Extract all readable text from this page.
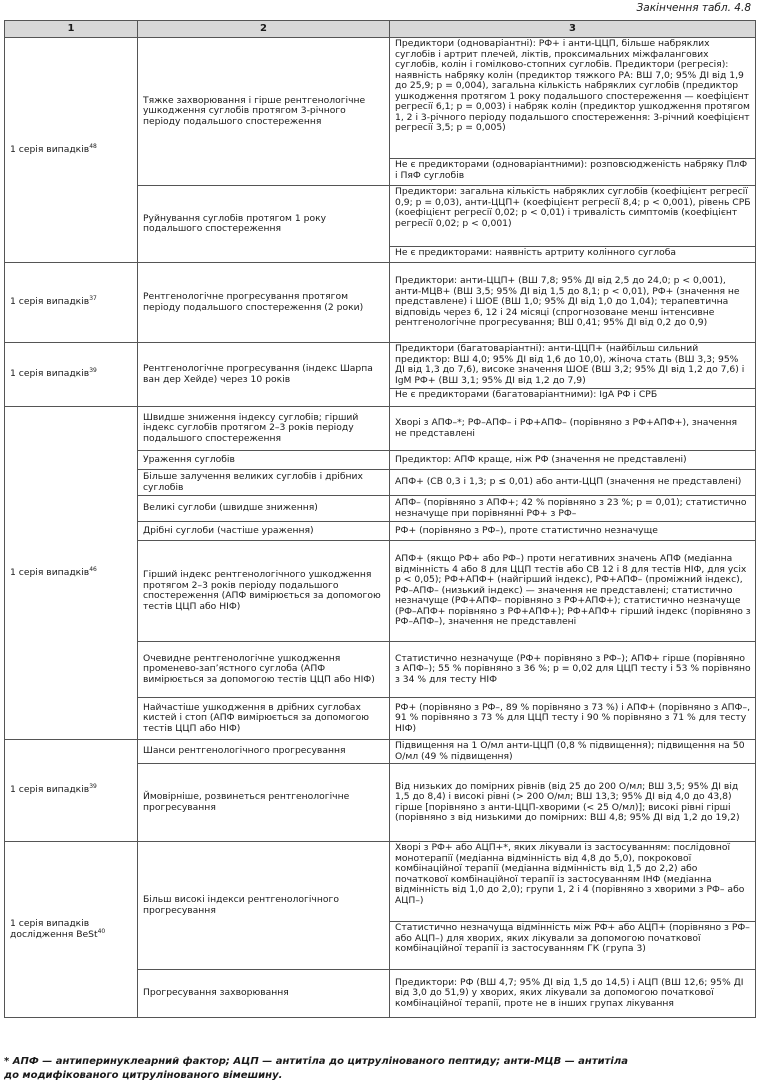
Закінчення табл. 4.8
1	2	3
1 серія випадків$^{48}$	Тяжке захворювання і гірше рентгенологічне ушкодження суглобів протягом 3-річного періоду подальшого спостереження	Предиктори (одноваріантні): РФ+ і анти-ЦЦП, більше набряклих суглобів і артрит плечей, ліктів, проксимальних міжфалангових суглобів, колін і гомілково-стопних суглобів. Предиктори (регресія): наявність набряку колін (предиктор тяжкого РА: ВШ 7,0; 95% ДІ від 1,9 до 25,9; p = 0,004), загальна кількість набряклих суглобів (предиктор ушкодження протягом 1 року подальшого спостереження — коефіцієнт регресії 6,1; p = 0,003) і набряк колін (предиктор ушкодження протягом 1, 2 і 3-річного періоду подальшого спостереження: 3-річний коефіцієнт регресії 3,5; p = 0,005)
		Не є предикторами (одноваріантними): розповсюдженість набряку ПлФ і ПяФ суглобів
	Руйнування суглобів протягом 1 року подальшого спостереження	Предиктори: загальна кількість набряклих суглобів (коефіцієнт регресії 0,9; p = 0,03), анти-ЦЦП+ (коефіцієнт регресії 8,4; p < 0,001), рівень СРБ (коефіцієнт регресії 0,02; p < 0,01) і тривалість симптомів (коефіцієнт регресії 0,02; p < 0,001)
		Не є предикторами: наявність артриту колінного суглоба
1 серія випадків$^{37}$	Рентгенологічне прогресування протягом періоду подальшого спостереження (2 роки)	Предиктори: анти-ЦЦП+ (ВШ 7,8; 95% ДІ від 2,5 до 24,0; p < 0,001), анти-МЦВ+ (ВШ 3,5; 95% ДІ від 1,5 до 8,1; p < 0,01), РФ+ (значення не представлене) і ШОЕ (ВШ 1,0; 95% ДІ від 1,0 до 1,04); терапевтична відповідь через 6, 12 і 24 місяці (спрогнозоване менш інтенсивне рентгенологічне прогресування; ВШ 0,41; 95% ДІ від 0,2 до 0,9)
1 серія випадків$^{39}$	Рентгенологічне прогресування (індекс Шарпа ван дер Хейде) через 10 років	Предиктори (багатоваріантні): анти-ЦЦП+ (найбільш сильний предиктор: ВШ 4,0; 95% ДІ від 1,6 до 10,0), жіноча стать (ВШ 3,3; 95% ДІ від 1,3 до 7,6), високе значення ШОЕ (ВШ 3,2; 95% ДІ від 1,2 до 7,6) і IgM РФ+ (ВШ 3,1; 95% ДІ від 1,2 до 7,9)
		Не є предикторами (багатоваріантними): IgA РФ і СРБ
1 серія випадків$^{46}$	Швидше зниження індексу суглобів; гірший індекс суглобів протягом 2–3 років періоду подальшого спостереження	Хворі з АПФ–*; РФ–АПФ– і РФ+АПФ– (порівняно з РФ+АПФ+), значення не представлені
	Ураження суглобів	Предиктор: АПФ краще, ніж РФ (значення не представлені)
	Більше залучення великих суглобів і дрібних суглобів	АПФ+ (СВ 0,3 і 1,3; p ≤ 0,01) або анти-ЦЦП (значення не представлені)
	Великі суглоби (швидше зниження)	АПФ– (порівняно з АПФ+; 42 % порівняно з 23 %; p = 0,01); статистично незначуще при порівнянні РФ+ з РФ–
	Дрібні суглоби (частіше ураження)	РФ+ (порівняно з РФ–), проте статистично незначуще
	Гірший індекс рентгенологічного ушкодження протягом 2–3 років періоду подальшого спостереження (АПФ вимірюється за допомогою тестів ЦЦП або НІФ)	АПФ+ (якщо РФ+ або РФ–) проти негативних значень АПФ (медіанна відмінність 4 або 8 для ЦЦП тестів або СВ 12 і 8 для тестів НІФ, для усіх p < 0,05); РФ+АПФ+ (найгірший індекс), РФ+АПФ– (проміжний індекс), РФ–АПФ– (низький індекс) — значення не представлені; статистично незначуще (РФ+АПФ– порівняно з РФ+АПФ+); статистично незначуще (РФ–АПФ+ порівняно з РФ+АПФ+); РФ+АПФ+ гірший індекс (порівняно з РФ–АПФ–), значення не представлені
	Очевидне рентгенологічне ушкодження променево-зап’ястного суглоба (АПФ вимірюється за допомогою тестів ЦЦП або НІФ)	Статистично незначуще (РФ+ порівняно з РФ–); АПФ+ гірше (порівняно з АПФ–); 55 % порівняно з 36 %; p = 0,02 для ЦЦП тесту і 53 % порівняно з 34 % для тесту НІФ
	Найчастіше ушкодження в дрібних суглобах кистей і стоп (АПФ вимірюється за допомогою тестів ЦЦП або НІФ)	РФ+ (порівняно з РФ–, 89 % порівняно з 73 %) і АПФ+ (порівняно з АПФ–, 91 % порівняно з 73 % для ЦЦП тесту і 90 % порівняно з 71 % для тесту НІФ)
1 серія випадків$^{39}$	Шанси рентгенологічного прогресування	Підвищення на 1 О/мл анти-ЦЦП (0,8 % підвищення); підвищення на 50 О/мл (49 % підвищення)
	Ймовірніше, розвинеться рентгенологічне прогресування	Від низьких до помірних рівнів (від 25 до 200 О/мл; ВШ 3,5; 95% ДІ від 1,5 до 8,4) і високі рівні (> 200 О/мл; ВШ 13,3; 95% ДІ від 4,0 до 43,8) гірше [порівняно з анти-ЦЦП-хворими (< 25 О/мл)]; високі рівні гірші (порівняно з від низькими до помірних: ВШ 4,8; 95% ДІ від 1,2 до 19,2)
1 серія випадків дослідження BeSt$^{40}$	Більш високі індекси рентгенологічного прогресування	Хворі з РФ+ або АЦП+*, яких лікували із застосуванням: послідовної монотерапії (медіанна відмінність від 4,8 до 5,0), покрокової комбінаційної терапії (медіанна відмінність від 1,5 до 2,2) або початкової комбінаційної терапії із застосуванням ІНФ (медіанна відмінність від 1,0 до 2,0); групи 1, 2 і 4 (порівняно з хворими з РФ– або АЦП–)
		Статистично незначуща відмінність між РФ+ або АЦП+ (порівняно з РФ– або АЦП–) для хворих, яких лікували за допомогою початкової комбінаційної терапії із застосуванням ГК (група 3)
	Прогресування захворювання	Предиктори: РФ (ВШ 4,7; 95% ДІ від 1,5 до 14,5) і АЦП (ВШ 12,6; 95% ДІ від 3,0 до 51,9) у хворих, яких лікували за допомогою початкової комбінаційної терапії, проте не в інших групах лікування
* АПФ — антиперинуклеарний фактор; АЦП — антитіла до цитрулінованого пептиду; анти-МЦВ — антитіла
до модифікованого цитрулінованого вімешину.
